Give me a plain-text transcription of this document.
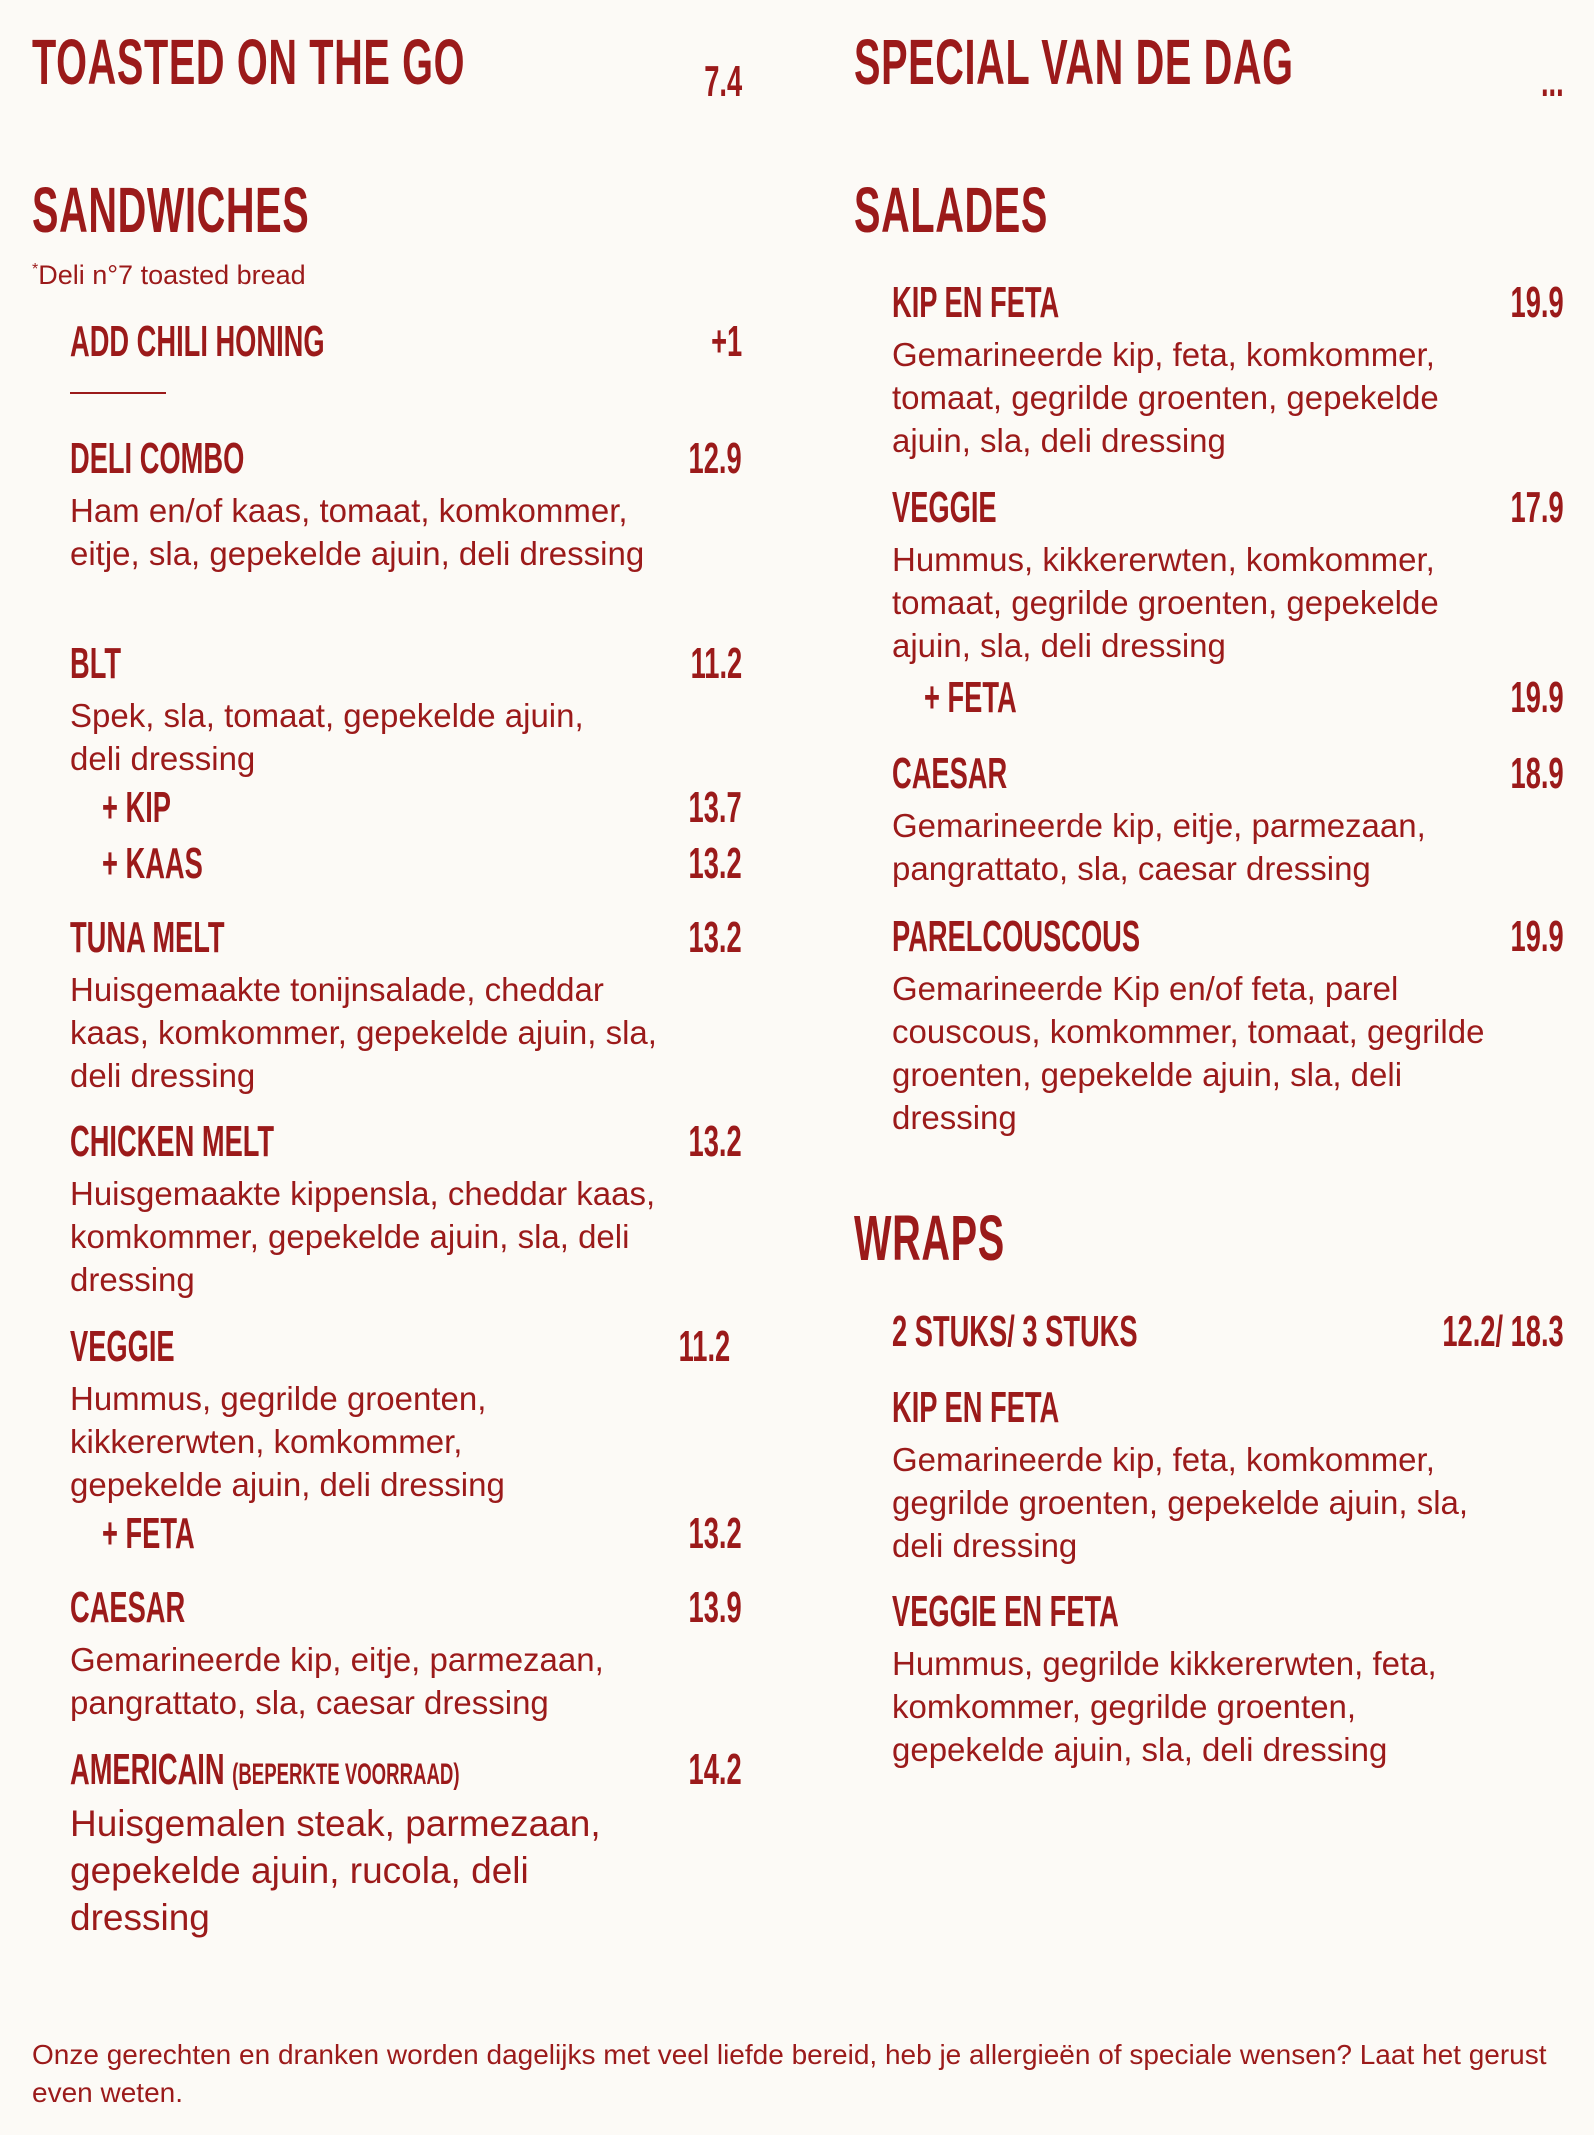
TOASTED ON THE GO	7.4
SANDWICHES
*Deli n°7 toasted bread
ADD CHILI HONING	+1
DELI COMBO	12.9
Ham en/of kaas, tomaat, komkommer, eitje, sla, gepekelde ajuin, deli dressing
BLT	11.2
Spek, sla, tomaat, gepekelde ajuin, deli dressing
+ KIP	13.7
+ KAAS	13.2
TUNA MELT	13.2
Huisgemaakte tonijnsalade, cheddar kaas, komkommer, gepekelde ajuin, sla, deli dressing
CHICKEN MELT	13.2
Huisgemaakte kippensla, cheddar kaas, komkommer, gepekelde ajuin, sla, deli dressing
VEGGIE	11.2
Hummus, gegrilde groenten, kikkererwten, komkommer, gepekelde ajuin, deli dressing
+ FETA	13.2
CAESAR	13.9
Gemarineerde kip, eitje, parmezaan, pangrattato, sla, caesar dressing
AMERICAIN (BEPERKTE VOORRAAD)	14.2
Huisgemalen steak, parmezaan, gepekelde ajuin, rucola, deli dressing
SPECIAL VAN DE DAG	...
SALADES
KIP EN FETA	19.9
Gemarineerde kip, feta, komkommer, tomaat, gegrilde groenten, gepekelde ajuin, sla, deli dressing
VEGGIE	17.9
Hummus, kikkererwten, komkommer, tomaat, gegrilde groenten, gepekelde ajuin, sla, deli dressing
+ FETA	19.9
CAESAR	18.9
Gemarineerde kip, eitje, parmezaan, pangrattato, sla, caesar dressing
PARELCOUSCOUS	19.9
Gemarineerde Kip en/of feta, parel couscous, komkommer, tomaat, gegrilde groenten, gepekelde ajuin, sla, deli dressing
WRAPS
2 STUKS/ 3 STUKS	12.2/ 18.3
KIP EN FETA
Gemarineerde kip, feta, komkommer, gegrilde groenten, gepekelde ajuin, sla, deli dressing
VEGGIE EN FETA
Hummus, gegrilde kikkererwten, feta, komkommer, gegrilde groenten, gepekelde ajuin, sla, deli dressing
Onze gerechten en dranken worden dagelijks met veel liefde bereid, heb je allergieën of speciale wensen? Laat het gerust even weten.
